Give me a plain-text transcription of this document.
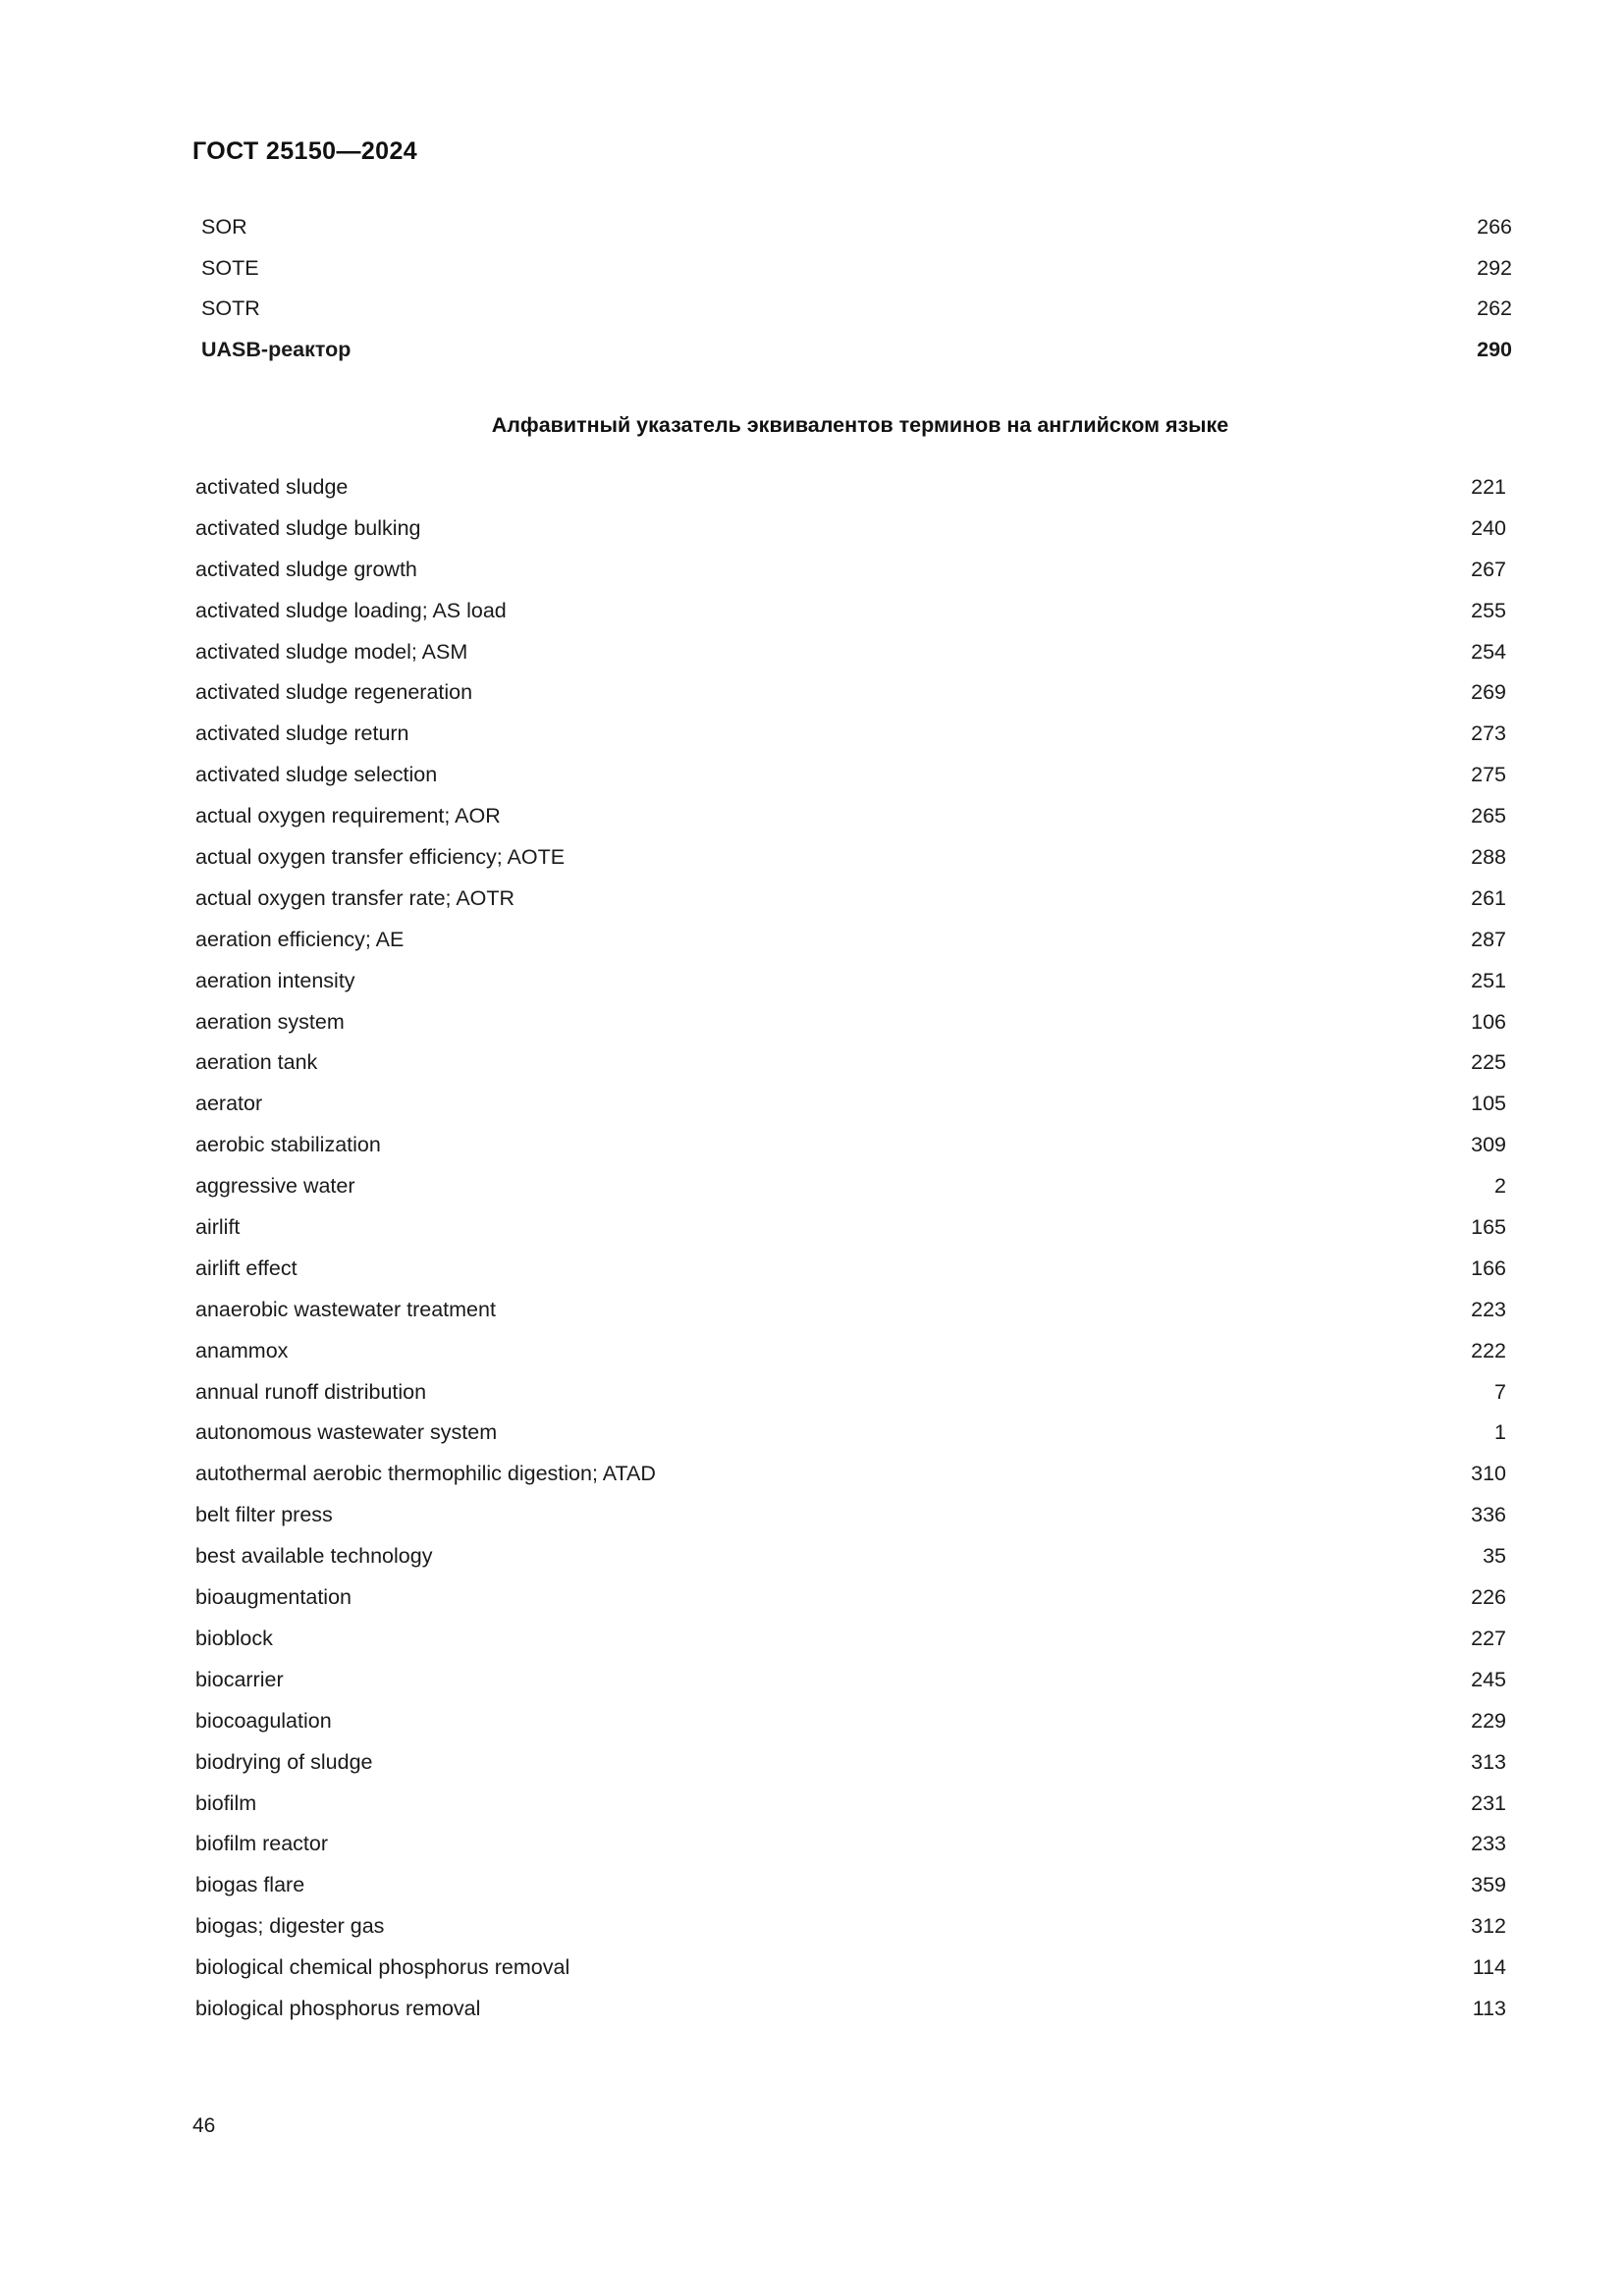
ГОСТ 25150—2024
SOR	266
SOTE	292
SOTR	262
UASB-реактор	290
Алфавитный указатель эквивалентов терминов на английском языке
activated sludge	221
activated sludge bulking	240
activated sludge growth	267
activated sludge loading; AS load	255
activated sludge model; ASM	254
activated sludge regeneration	269
activated sludge return	273
activated sludge selection	275
actual oxygen requirement; AOR	265
actual oxygen transfer efficiency; AOTE	288
actual oxygen transfer rate; AOTR	261
aeration efficiency; AE	287
aeration intensity	251
aeration system	106
aeration tank	225
aerator	105
aerobic stabilization	309
aggressive water	2
airlift	165
airlift effect	166
anaerobic wastewater treatment	223
anammox	222
annual runoff distribution	7
autonomous wastewater system	1
autothermal aerobic thermophilic digestion; ATAD	310
belt filter press	336
best available technology	35
bioaugmentation	226
bioblock	227
biocarrier	245
biocoagulation	229
biodrying of sludge	313
biofilm	231
biofilm reactor	233
biogas flare	359
biogas; digester gas	312
biological chemical phosphorus removal	114
biological phosphorus removal	113
46
